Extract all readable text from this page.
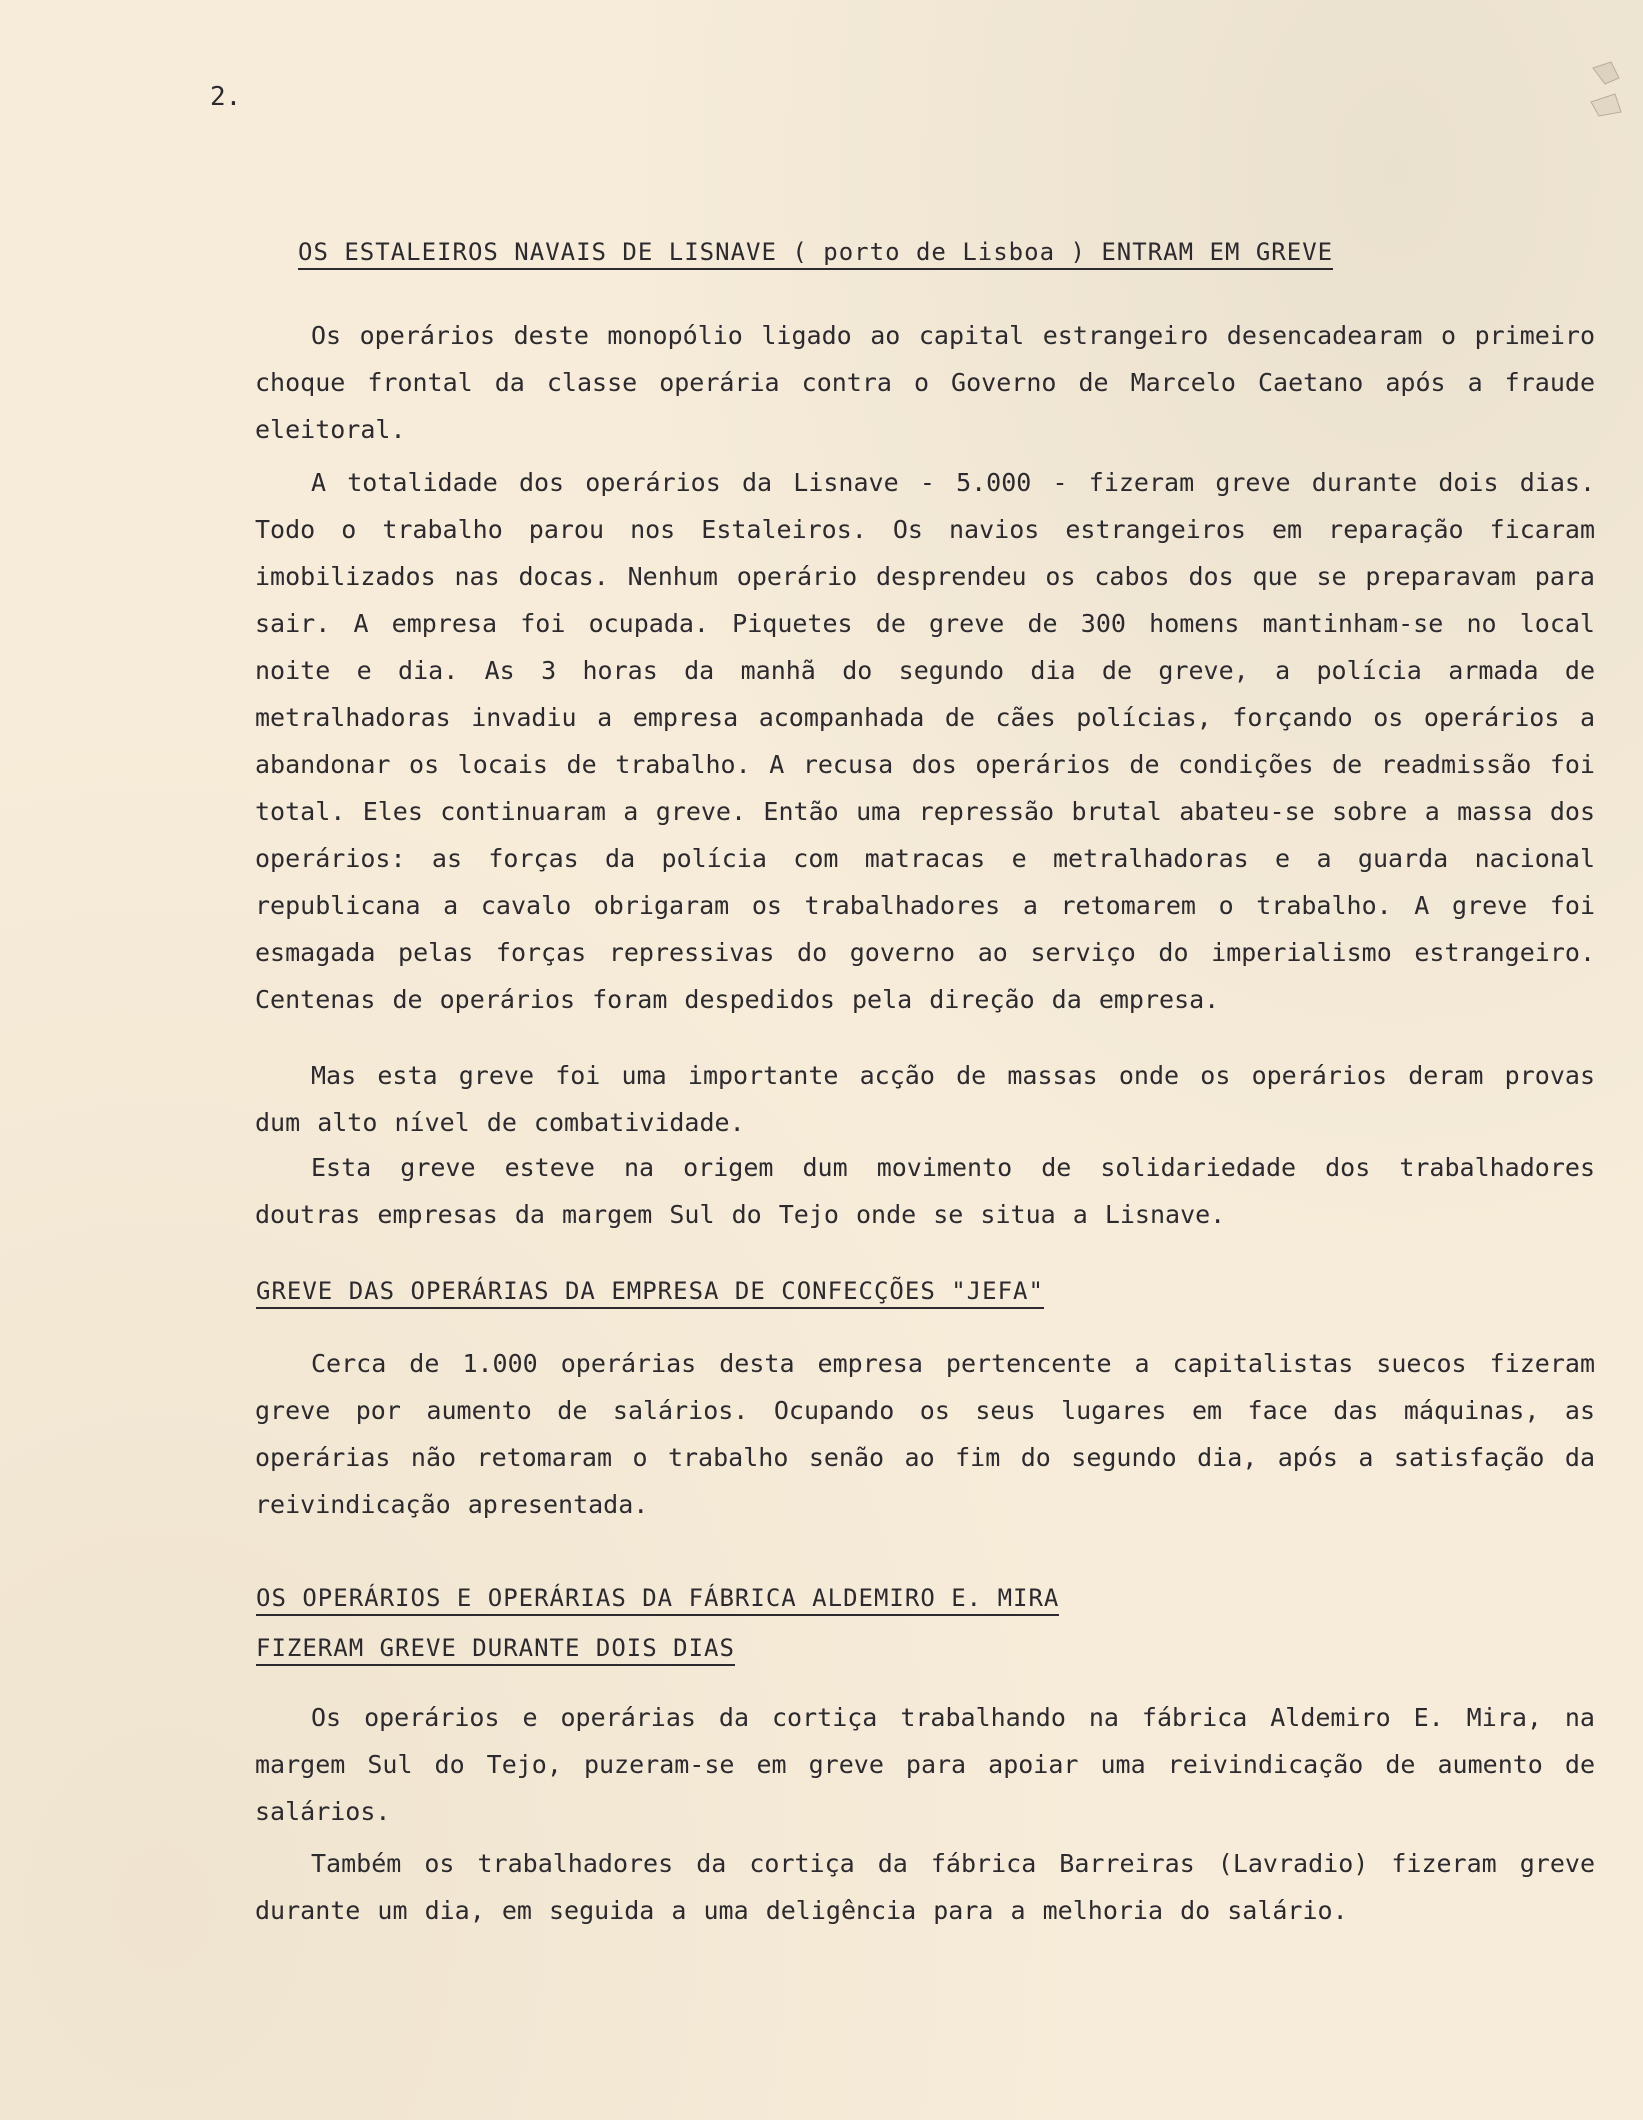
2.
OS ESTALEIROS NAVAIS DE LISNAVE ( porto de Lisboa ) ENTRAM EM GREVE

Os operários deste monopólio ligado ao capital estrangeiro desencadearam o primeiro choque frontal da classe operária contra o Governo de Marcelo Caetano após a fraude eleitoral.

A totalidade dos operários da Lisnave - 5.000 - fizeram greve durante dois dias. Todo o trabalho parou nos Estaleiros. Os navios estrangeiros em reparação ficaram imobilizados nas docas. Nenhum operário desprendeu os cabos dos que se preparavam para sair. A empresa foi ocupada. Piquetes de greve de 300 homens mantinham-se no local noite e dia. As 3 horas da manhã do segundo dia de greve, a polícia armada de metralhadoras invadiu a empresa acompanhada de cães polícias, forçando os operários a abandonar os locais de trabalho. A recusa dos operários de condições de readmissão foi total. Eles continuaram a greve. Então uma repressão brutal abateu-se sobre a massa dos operários: as forças da polícia com matracas e metralhadoras e a guarda nacional republicana a cavalo obrigaram os trabalhadores a retomarem o trabalho. A greve foi esmagada pelas forças repressivas do governo ao serviço do imperialismo estrangeiro. Centenas de operários foram despedidos pela direção da empresa.

Mas esta greve foi uma importante acção de massas onde os operários deram provas dum alto nível de combatividade.

Esta greve esteve na origem dum movimento de solidariedade dos trabalhadores doutras empresas da margem Sul do Tejo onde se situa a Lisnave.

GREVE DAS OPERÁRIAS DA EMPRESA DE CONFECÇÕES "JEFA"

Cerca de 1.000 operárias desta empresa pertencente a capitalistas suecos fizeram greve por aumento de salários. Ocupando os seus lugares em face das máquinas, as operárias não retomaram o trabalho senão ao fim do segundo dia, após a satisfação da reivindicação apresentada.

OS OPERÁRIOS E OPERÁRIAS DA FÁBRICA ALDEMIRO E. MIRA
FIZERAM GREVE DURANTE DOIS DIAS

Os operários e operárias da cortiça trabalhando na fábrica Aldemiro E. Mira, na margem Sul do Tejo, puzeram-se em greve para apoiar uma reivindicação de aumento de salários.

Também os trabalhadores da cortiça da fábrica Barreiras (Lavradio) fizeram greve durante um dia, em seguida a uma deligência para a melhoria do salário.
